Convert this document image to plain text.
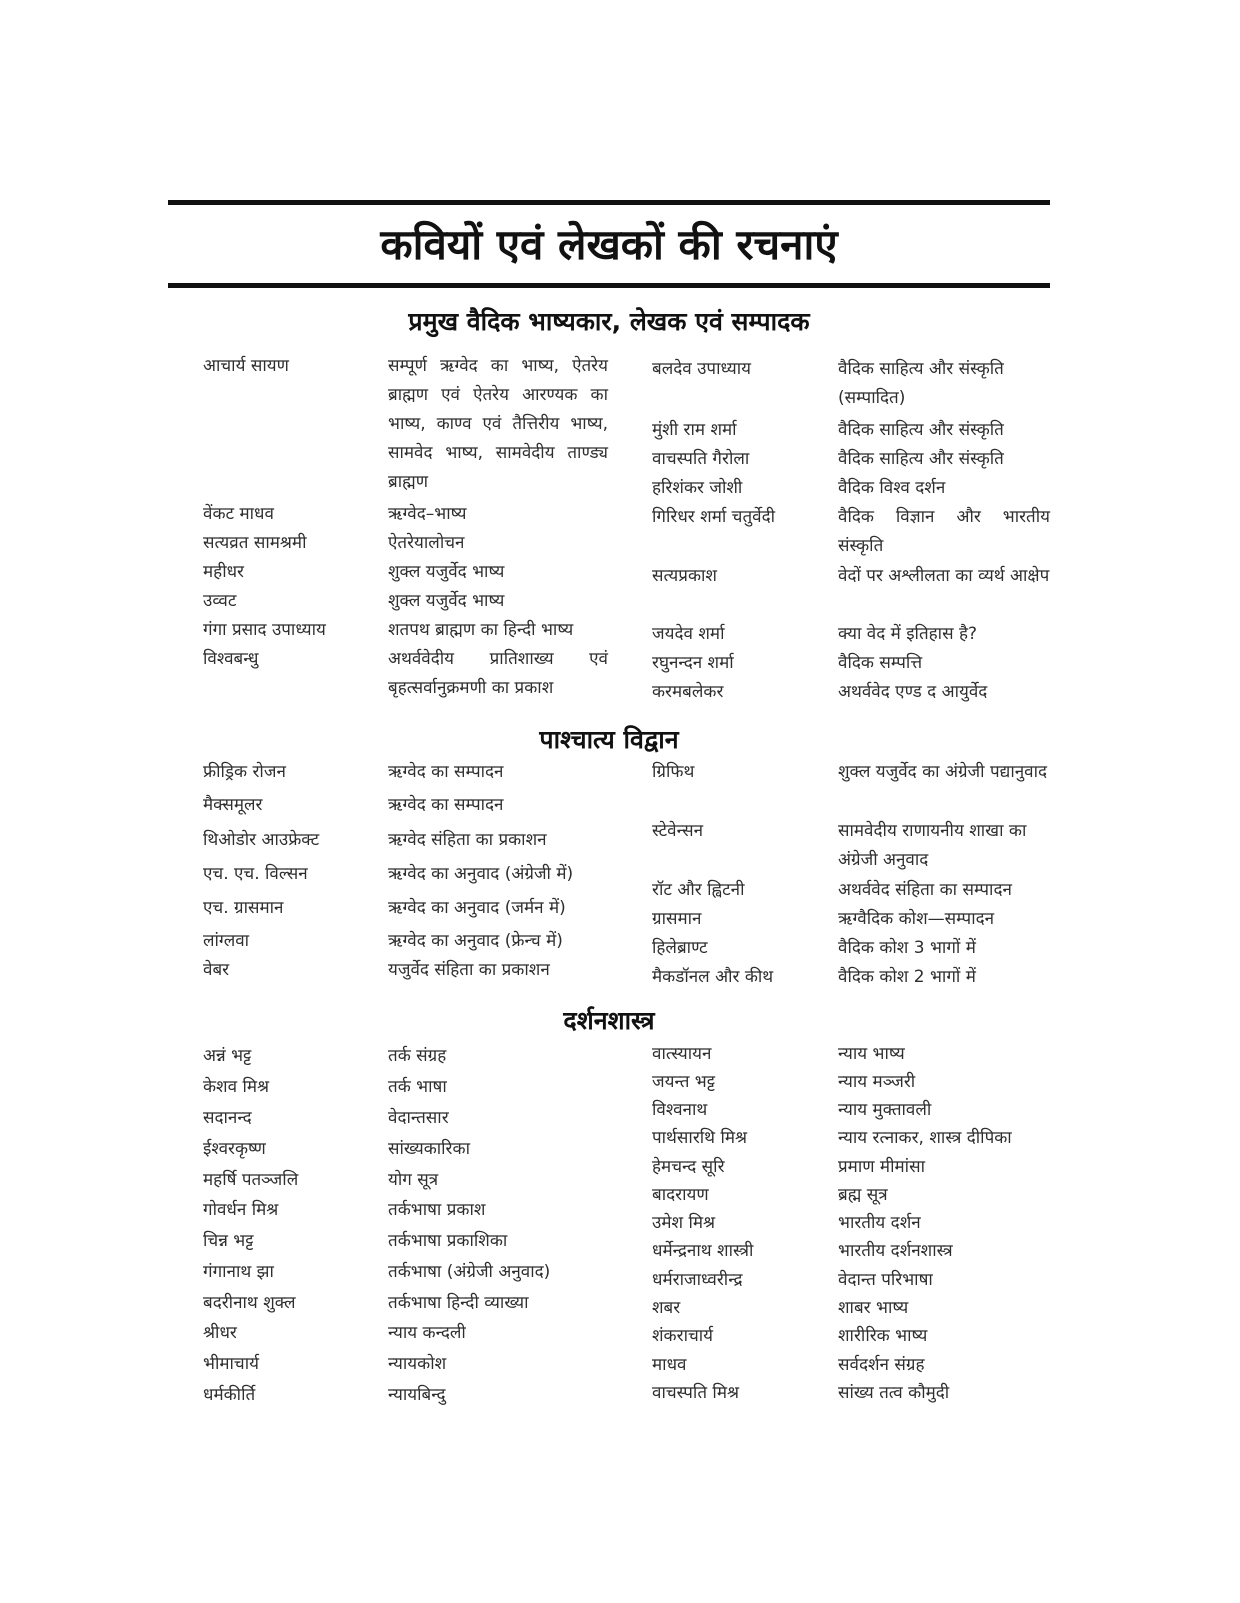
कवियों एवं लेखकों की रचनाएं
प्रमुख वैदिक भाष्यकार, लेखक एवं सम्पादक
आचार्य सायण	सम्पूर्ण ऋग्वेद का भाष्य, ऐतरेय ब्राह्मण एवं ऐतरेय आरण्यक का भाष्य, काण्व एवं तैत्तिरीय भाष्य, सामवेद भाष्य, सामवेदीय ताण्ड्य ब्राह्मण
वेंकट माधव	ऋग्वेद–भाष्य
सत्यव्रत सामश्रमी	ऐतरेयालोचन
महीधर	शुक्ल यजुर्वेद भाष्य
उव्वट	शुक्ल यजुर्वेद भाष्य
गंगा प्रसाद उपाध्याय	शतपथ ब्राह्मण का हिन्दी भाष्य
विश्वबन्धु	अथर्ववेदीय प्रातिशाख्य एवं बृहत्सर्वानुक्रमणी का प्रकाश
बलदेव उपाध्याय	वैदिक साहित्य और संस्कृति (सम्पादित)
मुंशी राम शर्मा	वैदिक साहित्य और संस्कृति
वाचस्पति गैरोला	वैदिक साहित्य और संस्कृति
हरिशंकर जोशी	वैदिक विश्व दर्शन
गिरिधर शर्मा चतुर्वेदी	वैदिक विज्ञान और भारतीय संस्कृति
सत्यप्रकाश	वेदों पर अश्लीलता का व्यर्थ आक्षेप
जयदेव शर्मा	क्या वेद में इतिहास है?
रघुनन्दन शर्मा	वैदिक सम्पत्ति
करमबलेकर	अथर्ववेद एण्ड द आयुर्वेद
पाश्चात्य विद्वान
फ्रीड्रिक रोजन	ऋग्वेद का सम्पादन
मैक्समूलर	ऋग्वेद का सम्पादन
थिओडोर आउफ्रेक्ट	ऋग्वेद संहिता का प्रकाशन
एच. एच. विल्सन	ऋग्वेद का अनुवाद (अंग्रेजी में)
एच. ग्रासमान	ऋग्वेद का अनुवाद (जर्मन में)
लांग्लवा	ऋग्वेद का अनुवाद (फ्रेन्च में)
वेबर	यजुर्वेद संहिता का प्रकाशन
ग्रिफिथ	शुक्ल यजुर्वेद का अंग्रेजी पद्यानुवाद
स्टेवेन्सन	सामवेदीय राणायनीय शाखा का अंग्रेजी अनुवाद
रॉट और ह्विटनी	अथर्ववेद संहिता का सम्पादन
ग्रासमान	ऋग्वैदिक कोश—सम्पादन
हिलेब्राण्ट	वैदिक कोश 3 भागों में
मैकडॉनल और कीथ	वैदिक कोश 2 भागों में
दर्शनशास्त्र
अन्नं भट्ट	तर्क संग्रह
केशव मिश्र	तर्क भाषा
सदानन्द	वेदान्तसार
ईश्वरकृष्ण	सांख्यकारिका
महर्षि पतञ्जलि	योग सूत्र
गोवर्धन मिश्र	तर्कभाषा प्रकाश
चिन्न भट्ट	तर्कभाषा प्रकाशिका
गंगानाथ झा	तर्कभाषा (अंग्रेजी अनुवाद)
बदरीनाथ शुक्ल	तर्कभाषा हिन्दी व्याख्या
श्रीधर	न्याय कन्दली
भीमाचार्य	न्यायकोश
धर्मकीर्ति	न्यायबिन्दु
वात्स्यायन	न्याय भाष्य
जयन्त भट्ट	न्याय मञ्जरी
विश्वनाथ	न्याय मुक्तावली
पार्थसारथि मिश्र	न्याय रत्नाकर, शास्त्र दीपिका
हेमचन्द सूरि	प्रमाण मीमांसा
बादरायण	ब्रह्म सूत्र
उमेश मिश्र	भारतीय दर्शन
धर्मेन्द्रनाथ शास्त्री	भारतीय दर्शनशास्त्र
धर्मराजाध्वरीन्द्र	वेदान्त परिभाषा
शबर	शाबर भाष्य
शंकराचार्य	शारीरिक भाष्य
माधव	सर्वदर्शन संग्रह
वाचस्पति मिश्र	सांख्य तत्व कौमुदी
